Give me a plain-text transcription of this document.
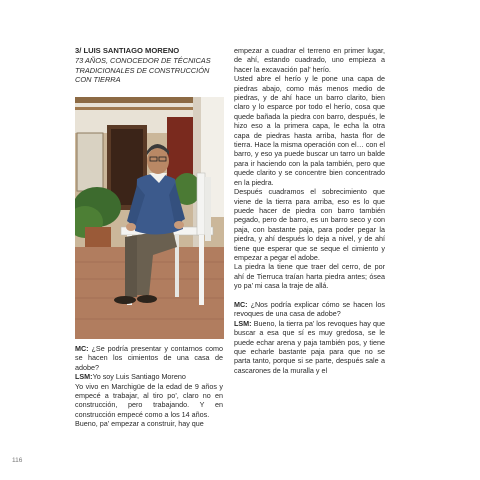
3/ LUIS SANTIAGO MORENO

73 AÑOS, CONOCEDOR DE TÉCNICAS

TRADICIONALES DE CONSTRUCCIÓN

CON TIERRA

MC: ¿Se podría presentar y contarnos como se hacen los cimientos de una casa de adobe?

LSM:Yo soy Luis Santiago Moreno

Yo vivo en Marchigüe de la edad de 9 años y empecé a trabajar, al tiro po’, claro no en construcción, pero trabajando. Y en construcción empecé como a los 14 años.

Bueno, pa’ empezar a construir, hay que

empezar a cuadrar el terreno en primer lugar, de ahí, estando cuadrado, uno empieza a hacer la excavación pal’ herío.

Usted abre el herío y le pone una capa de piedras abajo, como más menos medio de piedras, y de ahí hace un barro clarito, bien claro y lo esparce por todo el herío, cosa que quede bañada la piedra con barro, después, le hizo eso a la primera capa, le echa la otra capa de piedras hasta arriba, hasta flor de tierra. Hace la misma operación con el… con el barro, y eso ya puede buscar un tarro un balde para ir haciendo con la pala también, pero que quede clarito y se concentre bien concentrado en la piedra.

Después cuadramos el sobrecimiento que viene de la tierra para arriba, eso es lo que puede hacer de piedra con barro también pegado, pero de barro, es un barro seco y con paja, con bastante paja, para poder pegar la piedra, y ahí después lo deja a nivel, y de ahí tiene que esperar que se seque el cimiento y empezar a pegar el adobe.

La piedra la tiene que traer del cerro, de por ahí de Tierruca traían harta piedra antes; ósea yo pa’ mi casa la traje de allá.

MC: ¿Nos podría explicar cómo se hacen los revoques de una casa de adobe?

LSM: Bueno, la tierra pa’ los revoques hay que buscar a esa que sí es muy gredosa, se le puede echar arena y paja también pos, y tiene que echarle bastante paja para que no se parta tanto, porque si se parte, después sale a cascarones de la muralla y el

116
